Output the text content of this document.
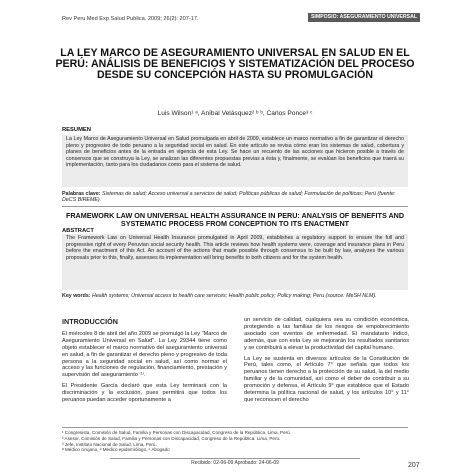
Rev Peru Med Exp Salud Publica. 2009; 26(2): 207-17.	SIMPOSIO: ASEGURAMIENTO UNIVERSAL
LA LEY MARCO DE ASEGURAMIENTO UNIVERSAL EN SALUD EN EL PERÚ: ANÁLISIS DE BENEFICIOS Y SISTEMATIZACIÓN DEL PROCESO DESDE SU CONCEPCIÓN HASTA SU PROMULGACIÓN
Luis Wilson¹ ᵃ, Aníbal Velásquez² ᵇ ᵇ, Carlos Ponce³ ᶜ
RESUMEN

La Ley Marco de Aseguramiento Universal en Salud promulgada en abril de 2009, establece un marco normativo a fin de garantizar el derecho pleno y progresivo de todo peruano a la seguridad social en salud. En este artículo se revisa cómo eran los sistemas de salud, cobertura y planes de beneficios antes de la entrada en vigencia de esta Ley. Se hace un recuento de las acciones que hicieron posible a través de consensos que se construya la Ley, se analizan las diferentes propuestas previas a ésta y, finalmente, se evalúan los beneficios que traerá su implementación, tanto para los ciudadanos como para el sistema de salud.

Palabras clave: Sistemas de salud; Acceso universal a servicios de salud; Políticas públicas de salud; Formulación de políticas; Perú (fuente: DeCS BIREME).
FRAMEWORK LAW ON UNIVERSAL HEALTH ASSURANCE IN PERU: ANALYSIS OF BENEFITS AND SYSTEMATIC PROCESS FROM CONCEPTION TO ITS ENACTMENT
ABSTRACT

The Framework Law on Universal Health Insurance promulgated in April 2009, establishes a regulatory support to ensure the full and progressive right of every Peruvian social security health. This article reviews how health systems were, coverage and insurance plans in Peru before the enactment of this Act. An account of the actions that made possible through consensus to be built by law, analyzes the various proposals prior to this, finally, assesses its implementation will bring benefits to both citizens and for the system health.

Key words: Health systems; Universal access to health care services; Health public policy; Policy making; Peru (source: MeSH NLM).
INTRODUCCIÓN

El miércoles 8 de abril del año 2009 se promulgó la Ley "Marco de Aseguramiento Universal en Salud". La Ley 29344 tiene como objeto establecer el marco normativo del aseguramiento universal en salud, a fin de garantizar el derecho pleno y progresivo de toda persona a la seguridad social en salud, así como normar el acceso y las funciones de regulación, financiamiento, prestación y supervisión del aseguramiento ⁽¹⁾.

El Presidente García declaró que esta Ley terminará con la discriminación y la exclusión, pues permitirá que todos los peruanos puedan acceder oportunamente a

un servicio de calidad, cualquiera sea su condición económica, protegiendo a las familias de los riesgos de empobrecimiento asociado con eventos de enfermedad. El mandatario indicó, además, que con esta Ley se mejorarán los resultados sanitarios y se contribuirá a elevar la productividad del capital humano.

La Ley se sustenta en diversos artículos de la Constitución de Perú, tales como, el Artículo 7° que señala que todos los peruanos tienen derecho a la protección de su salud, la del medio familiar y de la comunidad, así como el deber de contribuir a su promoción y defensa, el Artículo 9° que establece que el Estado determina la política nacional de salud, y los artículos 10° y 11° que reconocen el derecho

¹ Congresista, Comisión de Salud, Familia y Personas con Discapacidad, Congreso de la República. Lima, Perú.
² Asesor, Comisión de Salud, Familia y Personas con Discapacidad, Congreso de la República. Lima, Perú.
³ Jefe, Instituto Nacional de Salud. Lima, Perú.
ᵃ Médico cirujano, ᵇ Médico epidemiólogo, ᶜ Abogado
Recibido: 02-06-09 Aprobado: 24-06-09	207
